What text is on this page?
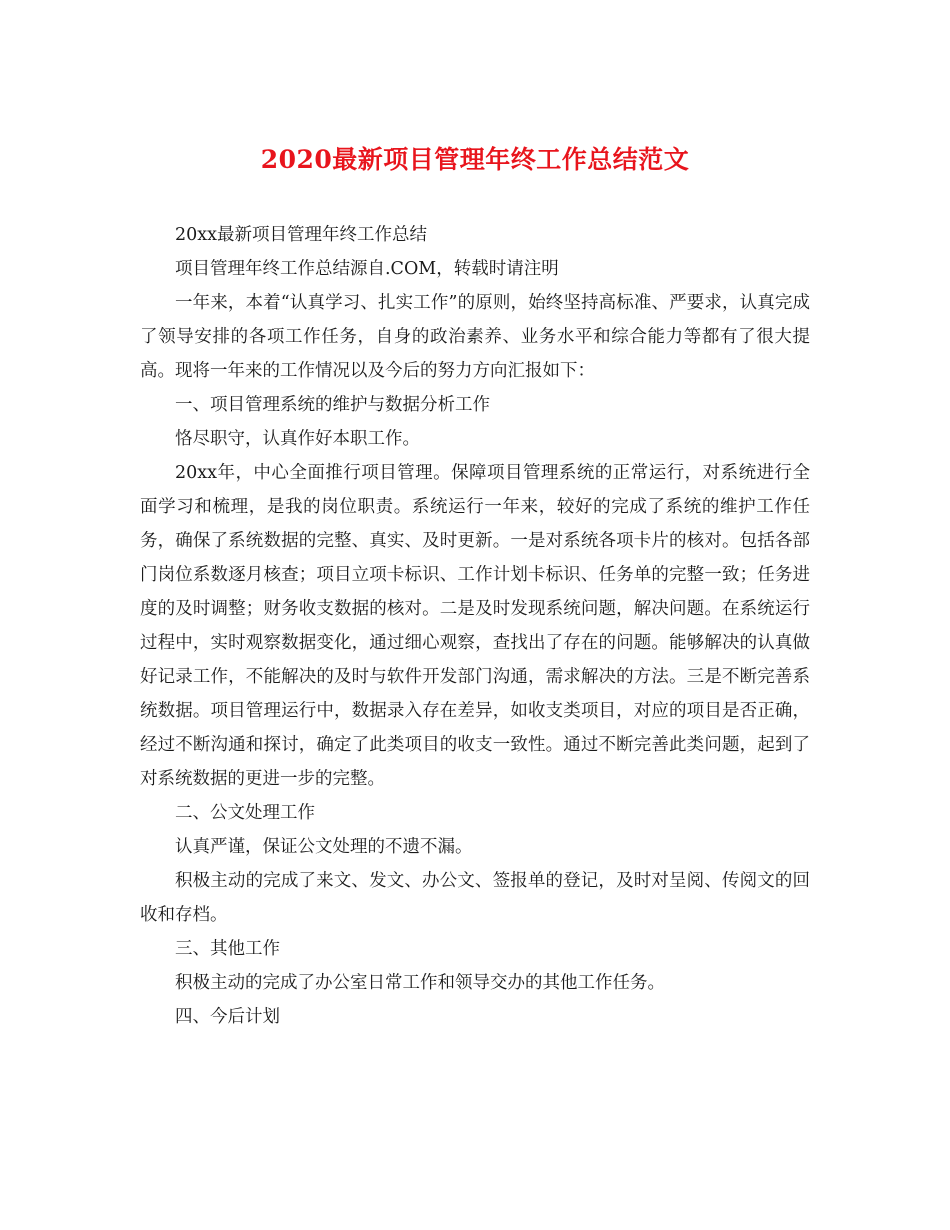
2020最新项目管理年终工作总结范文

20xx最新项目管理年终工作总结

项目管理年终工作总结源自.COM，转载时请注明

一年来，本着“认真学习、扎实工作”的原则，始终坚持高标准、严要求，认真完成了领导安排的各项工作任务，自身的政治素养、业务水平和综合能力等都有了很大提高。现将一年来的工作情况以及今后的努力方向汇报如下：

一、项目管理系统的维护与数据分析工作

恪尽职守，认真作好本职工作。

20xx年，中心全面推行项目管理。保障项目管理系统的正常运行，对系统进行全面学习和梳理，是我的岗位职责。系统运行一年来，较好的完成了系统的维护工作任务，确保了系统数据的完整、真实、及时更新。一是对系统各项卡片的核对。包括各部门岗位系数逐月核查；项目立项卡标识、工作计划卡标识、任务单的完整一致；任务进度的及时调整；财务收支数据的核对。二是及时发现系统问题，解决问题。在系统运行过程中，实时观察数据变化，通过细心观察，查找出了存在的问题。能够解决的认真做好记录工作，不能解决的及时与软件开发部门沟通，需求解决的方法。三是不断完善系统数据。项目管理运行中，数据录入存在差异，如收支类项目，对应的项目是否正确，经过不断沟通和探讨，确定了此类项目的收支一致性。通过不断完善此类问题，起到了对系统数据的更进一步的完整。

二、公文处理工作

认真严谨，保证公文处理的不遗不漏。

积极主动的完成了来文、发文、办公文、签报单的登记，及时对呈阅、传阅文的回收和存档。

三、其他工作

积极主动的完成了办公室日常工作和领导交办的其他工作任务。

四、今后计划
